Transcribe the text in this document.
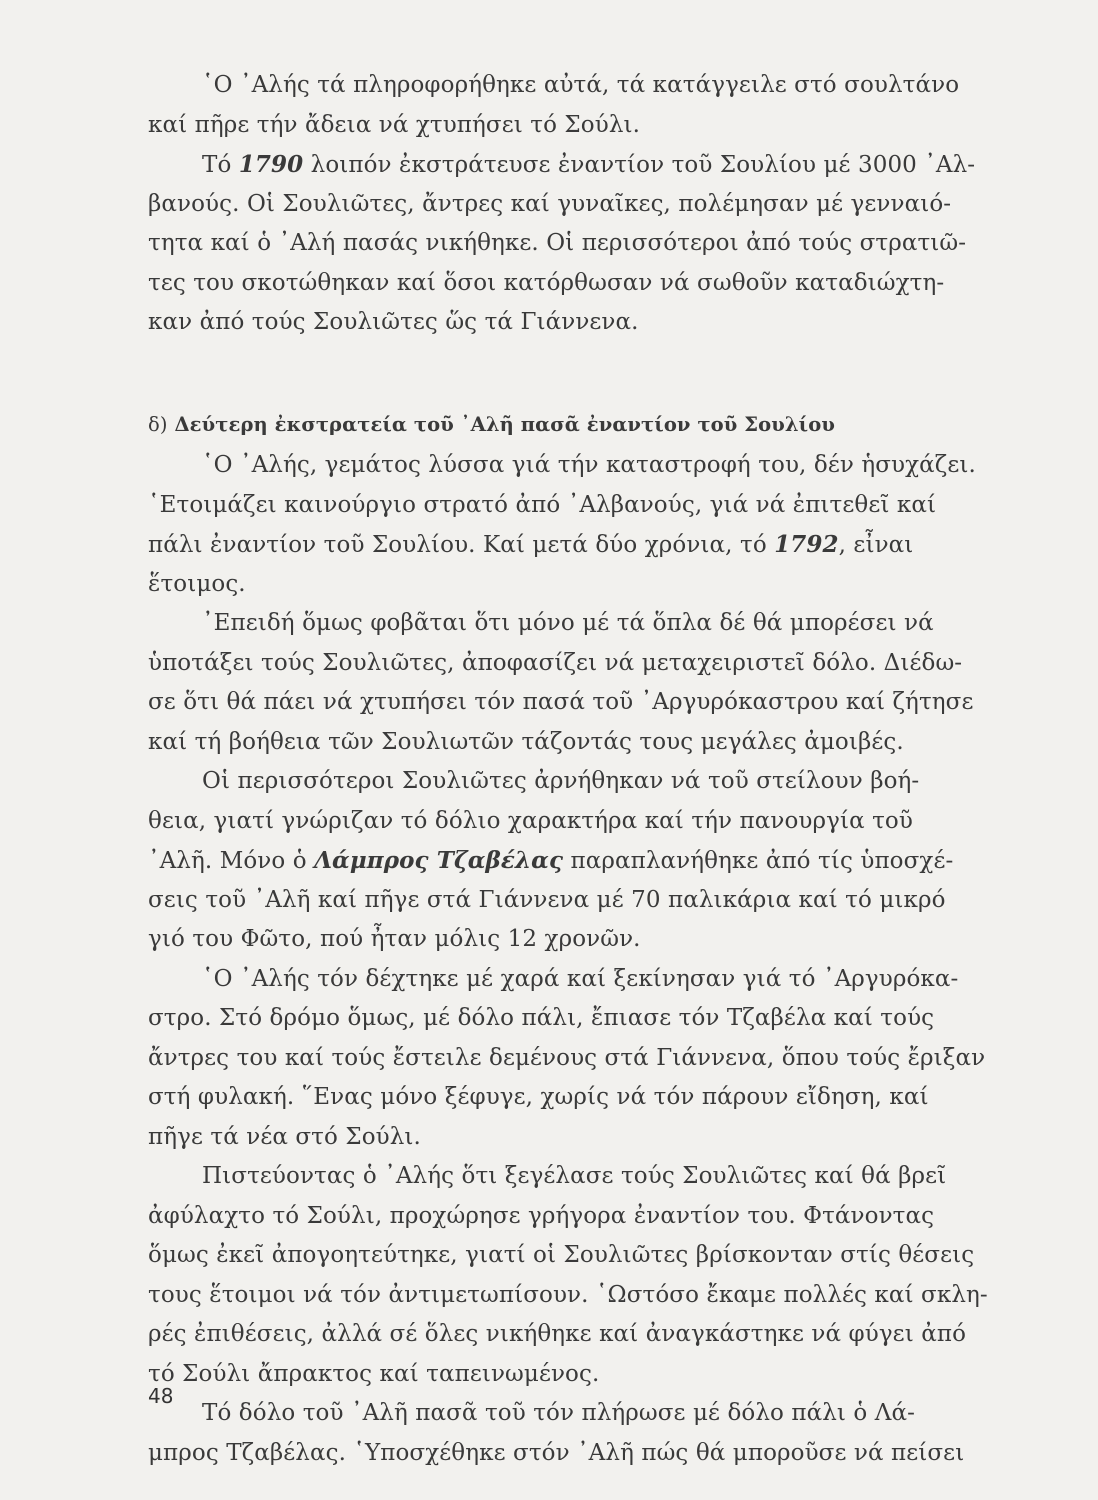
῾Ο ᾿Αλής τά πληροφορήθηκε αὐτά, τά κατάγγειλε στό σουλτάνο
καί πῆρε τήν ἄδεια νά χτυπήσει τό Σούλι.
Τό 1790 λοιπόν ἐκστράτευσε ἐναντίον τοῦ Σουλίου μέ 3000 ᾿Αλ-
βανούς. Οἱ Σουλιῶτες, ἄντρες καί γυναῖκες, πολέμησαν μέ γενναιό-
τητα καί ὁ ᾿Αλή πασάς νικήθηκε. Οἱ περισσότεροι ἀπό τούς στρατιῶ-
τες του σκοτώθηκαν καί ὅσοι κατόρθωσαν νά σωθοῦν καταδιώχτη-
καν ἀπό τούς Σουλιῶτες ὥς τά Γιάννενα.
δ) Δεύτερη ἐκστρατεία τοῦ ᾿Αλῆ πασᾶ ἐναντίον τοῦ Σουλίου
῾Ο ᾿Αλής, γεμάτος λύσσα γιά τήν καταστροφή του, δέν ἡσυχάζει.
῾Ετοιμάζει καινούργιο στρατό ἀπό ᾿Αλβανούς, γιά νά ἐπιτεθεῖ καί
πάλι ἐναντίον τοῦ Σουλίου. Καί μετά δύο χρόνια, τό 1792, εἶναι
ἕτοιμος.
᾿Επειδή ὅμως φοβᾶται ὅτι μόνο μέ τά ὅπλα δέ θά μπορέσει νά
ὑποτάξει τούς Σουλιῶτες, ἀποφασίζει νά μεταχειριστεῖ δόλο. Διέδω-
σε ὅτι θά πάει νά χτυπήσει τόν πασά τοῦ ᾿Αργυρόκαστρου καί ζήτησε
καί τή βοήθεια τῶν Σουλιωτῶν τάζοντάς τους μεγάλες ἀμοιβές.
Οἱ περισσότεροι Σουλιῶτες ἀρνήθηκαν νά τοῦ στείλουν βοή-
θεια, γιατί γνώριζαν τό δόλιο χαρακτήρα καί τήν πανουργία τοῦ
᾿Αλῆ. Μόνο ὁ Λάμπρος Τζαβέλας παραπλανήθηκε ἀπό τίς ὑποσχέ-
σεις τοῦ ᾿Αλῆ καί πῆγε στά Γιάννενα μέ 70 παλικάρια καί τό μικρό
γιό του Φῶτο, πού ἦταν μόλις 12 χρονῶν.
῾Ο ᾿Αλής τόν δέχτηκε μέ χαρά καί ξεκίνησαν γιά τό ᾿Αργυρόκα-
στρο. Στό δρόμο ὅμως, μέ δόλο πάλι, ἔπιασε τόν Τζαβέλα καί τούς
ἄντρες του καί τούς ἔστειλε δεμένους στά Γιάννενα, ὅπου τούς ἔριξαν
στή φυλακή. ῞Ενας μόνο ξέφυγε, χωρίς νά τόν πάρουν εἴδηση, καί
πῆγε τά νέα στό Σούλι.
Πιστεύοντας ὁ ᾿Αλής ὅτι ξεγέλασε τούς Σουλιῶτες καί θά βρεῖ
ἀφύλαχτο τό Σούλι, προχώρησε γρήγορα ἐναντίον του. Φτάνοντας
ὅμως ἐκεῖ ἀπογοητεύτηκε, γιατί οἱ Σουλιῶτες βρίσκονταν στίς θέσεις
τους ἕτοιμοι νά τόν ἀντιμετωπίσουν. ῾Ωστόσο ἔκαμε πολλές καί σκλη-
ρές ἐπιθέσεις, ἀλλά σέ ὅλες νικήθηκε καί ἀναγκάστηκε νά φύγει ἀπό
τό Σούλι ἄπρακτος καί ταπεινωμένος.
Τό δόλο τοῦ ᾿Αλῆ πασᾶ τοῦ τόν πλήρωσε μέ δόλο πάλι ὁ Λά-
μπρος Τζαβέλας. ῾Υποσχέθηκε στόν ᾿Αλῆ πώς θά μποροῦσε νά πείσει
48
